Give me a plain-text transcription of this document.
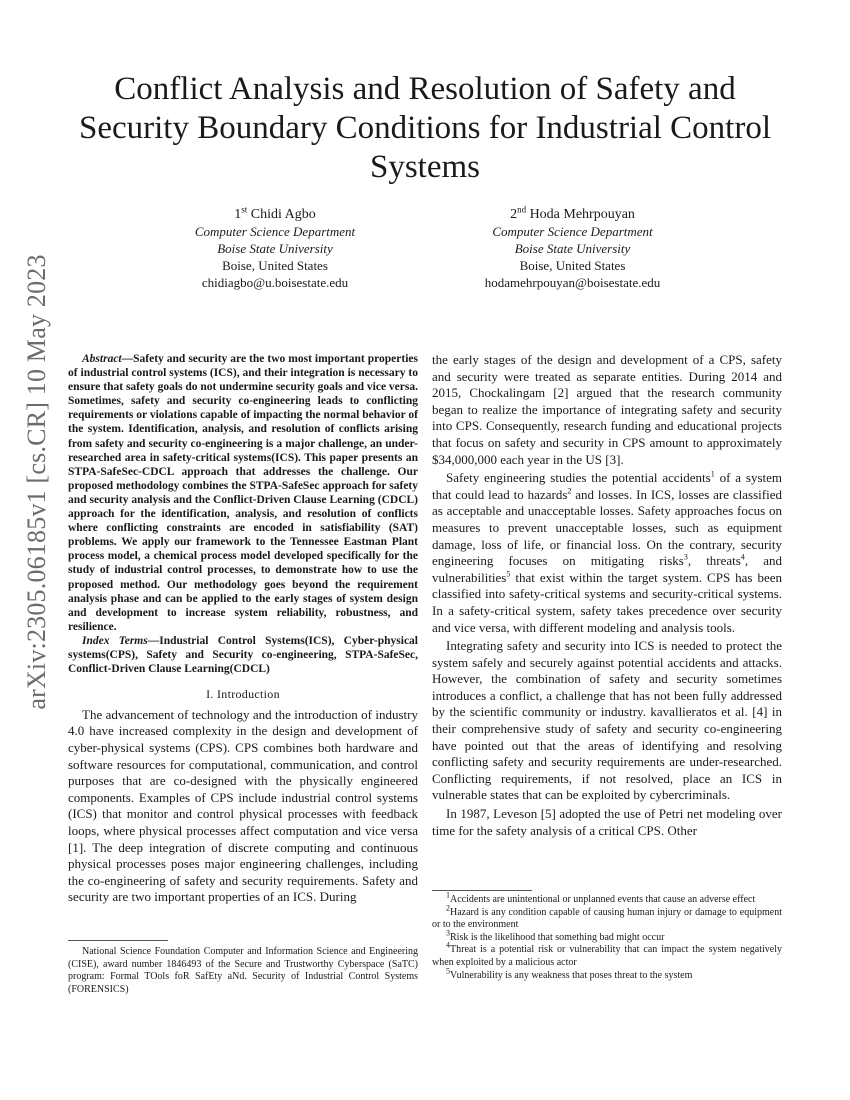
arXiv:2305.06185v1 [cs.CR] 10 May 2023
Conflict Analysis and Resolution of Safety and Security Boundary Conditions for Industrial Control Systems
1st Chidi Agbo
Computer Science Department
Boise State University
Boise, United States
chidiagbo@u.boisestate.edu
2nd Hoda Mehrpouyan
Computer Science Department
Boise State University
Boise, United States
hodamehrpouyan@boisestate.edu

Abstract—Safety and security are the two most important properties of industrial control systems (ICS), and their integration is necessary to ensure that safety goals do not undermine security goals and vice versa. Sometimes, safety and security co-engineering leads to conflicting requirements or violations capable of impacting the normal behavior of the system. Identification, analysis, and resolution of conflicts arising from safety and security co-engineering is a major challenge, an under-researched area in safety-critical systems(ICS). This paper presents an STPA-SafeSec-CDCL approach that addresses the challenge. Our proposed methodology combines the STPA-SafeSec approach for safety and security analysis and the Conflict-Driven Clause Learning (CDCL) approach for the identification, analysis, and resolution of conflicts where conflicting constraints are encoded in satisfiability (SAT) problems. We apply our framework to the Tennessee Eastman Plant process model, a chemical process model developed specifically for the study of industrial control processes, to demonstrate how to use the proposed method. Our methodology goes beyond the requirement analysis phase and can be applied to the early stages of system design and development to increase system reliability, robustness, and resilience.

Index Terms—Industrial Control Systems(ICS), Cyber-physical systems(CPS), Safety and Security co-engineering, STPA-SafeSec, Conflict-Driven Clause Learning(CDCL)

I. Introduction

The advancement of technology and the introduction of industry 4.0 have increased complexity in the design and development of cyber-physical systems (CPS). CPS combines both hardware and software resources for computational, communication, and control purposes that are co-designed with the physically engineered components. Examples of CPS include industrial control systems (ICS) that monitor and control physical processes with feedback loops, where physical processes affect computation and vice versa [1]. The deep integration of discrete computing and continuous physical processes poses major engineering challenges, including the co-engineering of safety and security requirements. Safety and security are two important properties of an ICS. During

National Science Foundation Computer and Information Science and Engineering (CISE), award number 1846493 of the Secure and Trustworthy Cyberspace (SaTC) program: Formal TOols foR SafEty aNd. Security of Industrial Control Systems (FORENSICS)

the early stages of the design and development of a CPS, safety and security were treated as separate entities. During 2014 and 2015, Chockalingam [2] argued that the research community began to realize the importance of integrating safety and security into CPS. Consequently, research funding and educational projects that focus on safety and security in CPS amount to approximately $34,000,000 each year in the US [3].

Safety engineering studies the potential accidents$^1$ of a system that could lead to hazards$^2$ and losses. In ICS, losses are classified as acceptable and unacceptable losses. Safety approaches focus on measures to prevent unacceptable losses, such as equipment damage, loss of life, or financial loss. On the contrary, security engineering focuses on mitigating risks$^3$, threats$^4$, and vulnerabilities$^5$ that exist within the target system. CPS has been classified into safety-critical systems and security-critical systems. In a safety-critical system, safety takes precedence over security and vice versa, with different modeling and analysis tools.

Integrating safety and security into ICS is needed to protect the system safely and securely against potential accidents and attacks. However, the combination of safety and security sometimes introduces a conflict, a challenge that has not been fully addressed by the scientific community or industry. kavallieratos et al. [4] in their comprehensive study of safety and security co-engineering have pointed out that the areas of identifying and resolving conflicting safety and security requirements are under-researched. Conflicting requirements, if not resolved, place an ICS in vulnerable states that can be exploited by cybercriminals.

In 1987, Leveson [5] adopted the use of Petri net modeling over time for the safety analysis of a critical CPS. Other

$^1$Accidents are unintentional or unplanned events that cause an adverse effect

$^2$Hazard is any condition capable of causing human injury or damage to equipment or to the environment

$^3$Risk is the likelihood that something bad might occur

$^4$Threat is a potential risk or vulnerability that can impact the system negatively when exploited by a malicious actor

$^5$Vulnerability is any weakness that poses threat to the system
